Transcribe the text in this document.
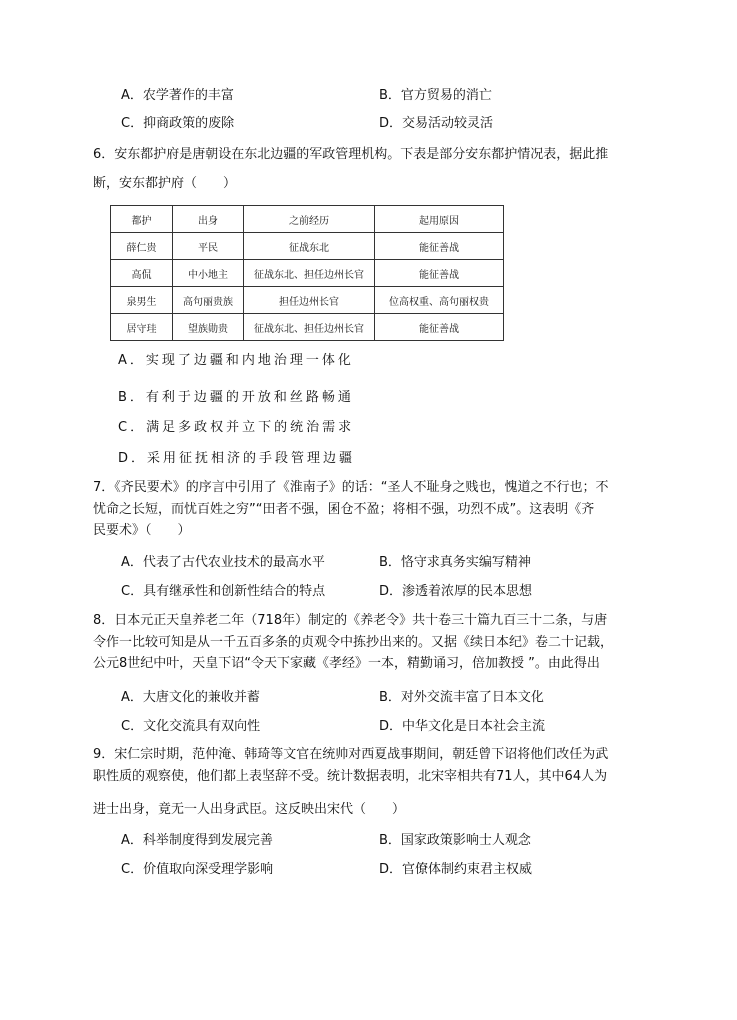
A．农学著作的丰富	B．官方贸易的消亡
C．抑商政策的废除	D．交易活动较灵活
6．安东都护府是唐朝设在东北边疆的军政管理机构。下表是部分安东都护情况表，据此推
断，安东都护府（　　）
都护	出身	之前经历	起用原因
薛仁贵	平民	征战东北	能征善战
高侃	中小地主	征战东北、担任边州长官	能征善战
泉男生	高句丽贵族	担任边州长官	位高权重、高句丽权贵
居守珪	望族勋贵	征战东北、担任边州长官	能征善战
A．实现了边疆和内地治理一体化
B．有利于边疆的开放和丝路畅通
C．满足多政权并立下的统治需求
D．采用征抚相济的手段管理边疆
7．《齐民要术》的序言中引用了《淮南子》的话：“圣人不耻身之贱也，愧道之不行也；不
忧命之长短，而忧百姓之穷”“田者不强，囷仓不盈；将相不强，功烈不成”。这表明《齐
民要术》（　　）
A．代表了古代农业技术的最高水平	B．恪守求真务实编写精神
C．具有继承性和创新性结合的特点	D．渗透着浓厚的民本思想
8．日本元正天皇养老二年（718年）制定的《养老令》共十卷三十篇九百三十二条，与唐
令作一比较可知是从一千五百多条的贞观令中拣抄出来的。又据《续日本纪》卷二十记载，
公元8世纪中叶，天皇下诏“令天下家藏《孝经》一本，精勤诵习，倍加教授 ”。由此得出
A．大唐文化的兼收并蓄	B．对外交流丰富了日本文化
C．文化交流具有双向性	D．中华文化是日本社会主流
9．宋仁宗时期，范仲淹、韩琦等文官在统帅对西夏战事期间，朝廷曾下诏将他们改任为武
职性质的观察使，他们都上表坚辞不受。统计数据表明，北宋宰相共有71人，其中64人为
进士出身，竟无一人出身武臣。这反映出宋代（　　）
A．科举制度得到发展完善	B．国家政策影响士人观念
C．价值取向深受理学影响	D．官僚体制约束君主权威
